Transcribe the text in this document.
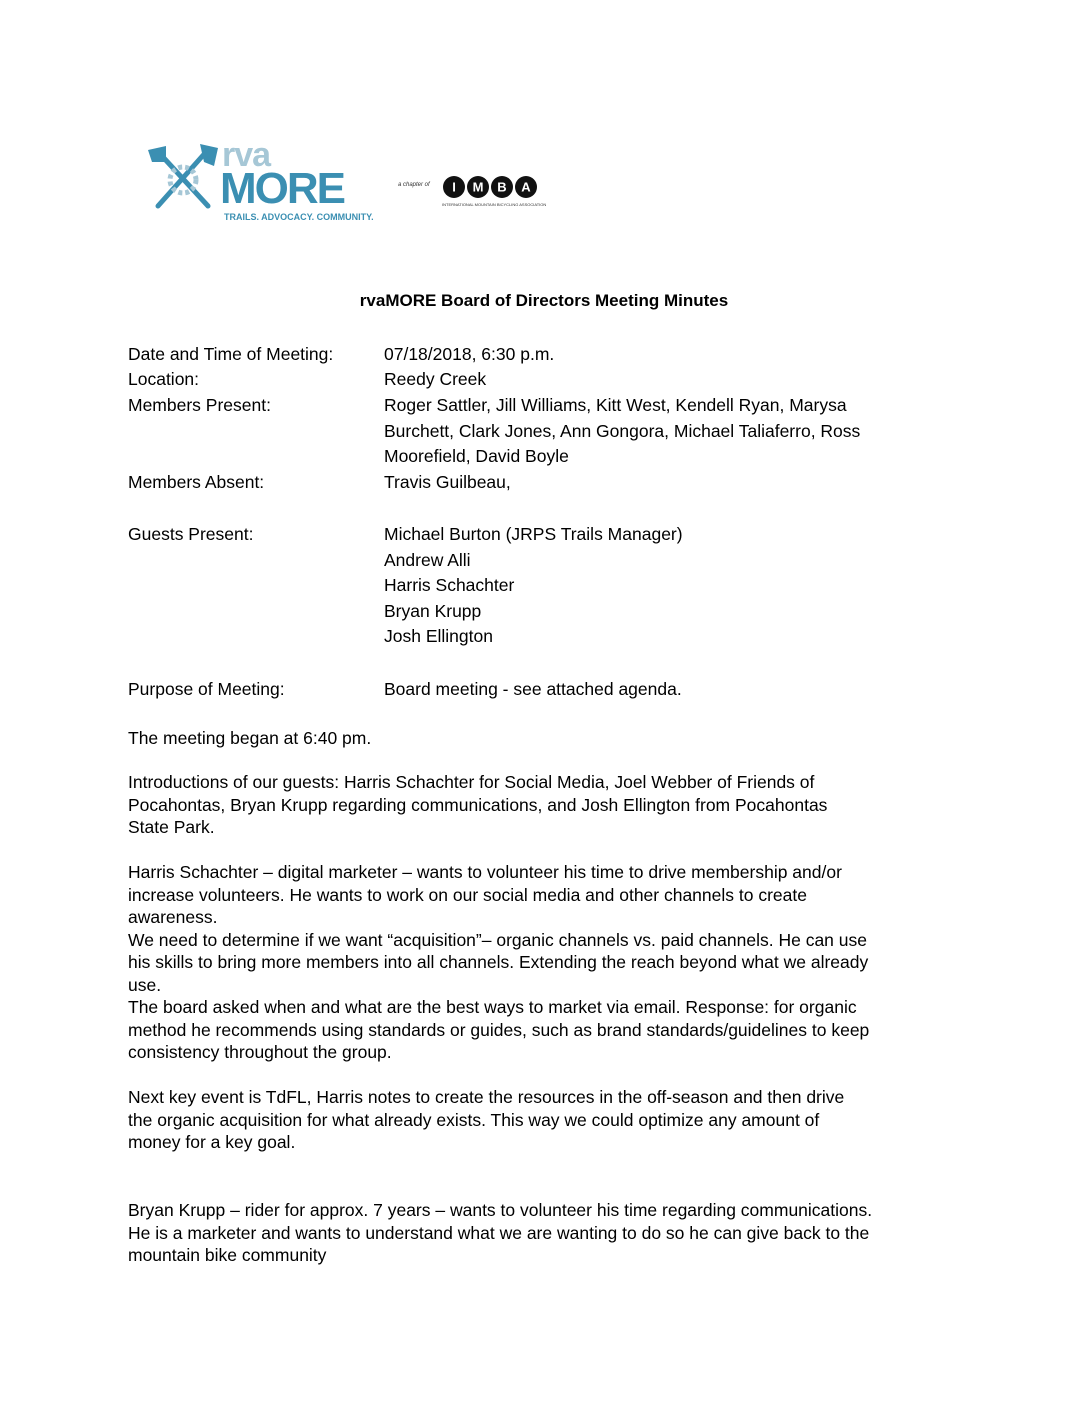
rva
MORE
TRAILS. ADVOCACY. COMMUNITY.
a chapter of I M B A
INTERNATIONAL MOUNTAIN BICYCLING ASSOCIATION
rvaMORE Board of Directors Meeting Minutes
Date and Time of Meeting:	07/18/2018, 6:30 p.m.
Location:	Reedy Creek
Members Present:	Roger Sattler, Jill Williams, Kitt West, Kendell Ryan, Marysa
Burchett, Clark Jones, Ann Gongora, Michael Taliaferro, Ross
Moorefield, David Boyle
Members Absent:	Travis Guilbeau,
Guests Present:	Michael Burton (JRPS Trails Manager)
Andrew Alli
Harris Schachter
Bryan Krupp
Josh Ellington
Purpose of Meeting:	Board meeting - see attached agenda.
The meeting began at 6:40 pm.
Introductions of our guests: Harris Schachter for Social Media, Joel Webber of Friends of
Pocahontas, Bryan Krupp regarding communications, and Josh Ellington from Pocahontas
State Park.
Harris Schachter – digital marketer – wants to volunteer his time to drive membership and/or
increase volunteers. He wants to work on our social media and other channels to create
awareness.
We need to determine if we want “acquisition”– organic channels vs. paid channels. He can use
his skills to bring more members into all channels. Extending the reach beyond what we already
use.
The board asked when and what are the best ways to market via email. Response: for organic
method he recommends using standards or guides, such as brand standards/guidelines to keep
consistency throughout the group.
Next key event is TdFL, Harris notes to create the resources in the off-season and then drive
the organic acquisition for what already exists. This way we could optimize any amount of
money for a key goal.
Bryan Krupp – rider for approx. 7 years – wants to volunteer his time regarding communications.
He is a marketer and wants to understand what we are wanting to do so he can give back to the
mountain bike community
